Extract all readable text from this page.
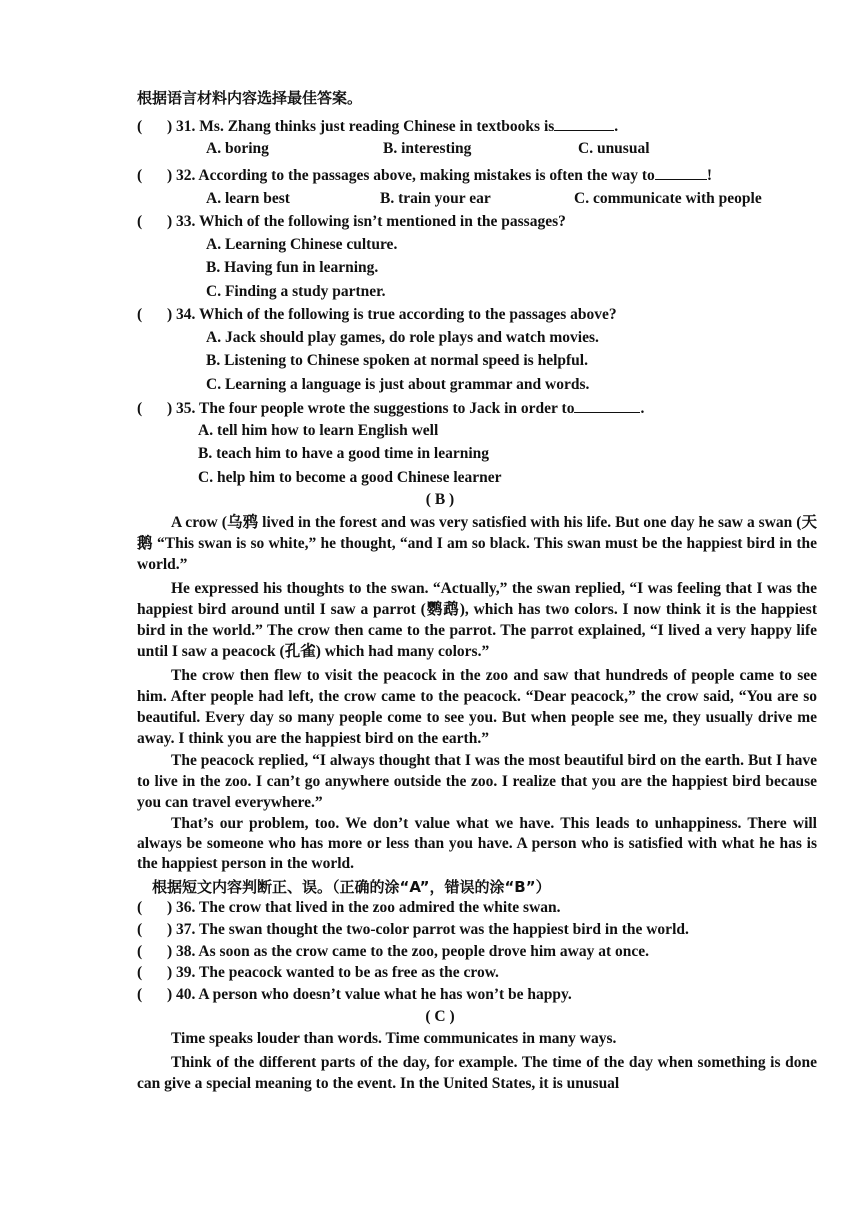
根据语言材料内容选择最佳答案。
( ) 31. Ms. Zhang thinks just reading Chinese in textbooks is	.
A. boring	B. interesting	C. unusual
( ) 32. According to the passages above, making mistakes is often the way to	!
A. learn best	B. train your ear	C. communicate with people
( ) 33. Which of the following isn’t mentioned in the passages?
A. Learning Chinese culture.
B. Having fun in learning.
C. Finding a study partner.
( ) 34. Which of the following is true according to the passages above?
A. Jack should play games, do role plays and watch movies.
B. Listening to Chinese spoken at normal speed is helpful.
C. Learning a language is just about grammar and words.
( ) 35. The four people wrote the suggestions to Jack in order to	.
A. tell him how to learn English well
B. teach him to have a good time in learning
C. help him to become a good Chinese learner
( B )
A crow (乌鸦 lived in the forest and was very satisfied with his life. But one day he saw a swan (天鹅 “This swan is so white,” he thought, “and I am so black. This swan must be the happiest bird in the world.”
He expressed his thoughts to the swan. “Actually,” the swan replied, “I was feeling that I was the happiest bird around until I saw a parrot (鹦鹉), which has two colors. I now think it is the happiest bird in the world.” The crow then came to the parrot. The parrot explained, “I lived a very happy life until I saw a peacock (孔雀) which had many colors.”
The crow then flew to visit the peacock in the zoo and saw that hundreds of people came to see him. After people had left, the crow came to the peacock. “Dear peacock,” the crow said, “You are so beautiful. Every day so many people come to see you. But when people see me, they usually drive me away. I think you are the happiest bird on the earth.”
The peacock replied, “I always thought that I was the most beautiful bird on the earth. But I have to live in the zoo. I can’t go anywhere outside the zoo. I realize that you are the happiest bird because you can travel everywhere.”
That’s our problem, too. We don’t value what we have. This leads to unhappiness. There will always be someone who has more or less than you have. A person who is satisfied with what he has is the happiest person in the world.
根据短文内容判断正、误。（正确的涂“A”，错误的涂“B”）
( ) 36. The crow that lived in the zoo admired the white swan.
( ) 37. The swan thought the two-color parrot was the happiest bird in the world.
( ) 38. As soon as the crow came to the zoo, people drove him away at once.
( ) 39. The peacock wanted to be as free as the crow.
( ) 40. A person who doesn’t value what he has won’t be happy.
( C )
Time speaks louder than words. Time communicates in many ways.
Think of the different parts of the day, for example. The time of the day when something is done can give a special meaning to the event. In the United States, it is unusual
